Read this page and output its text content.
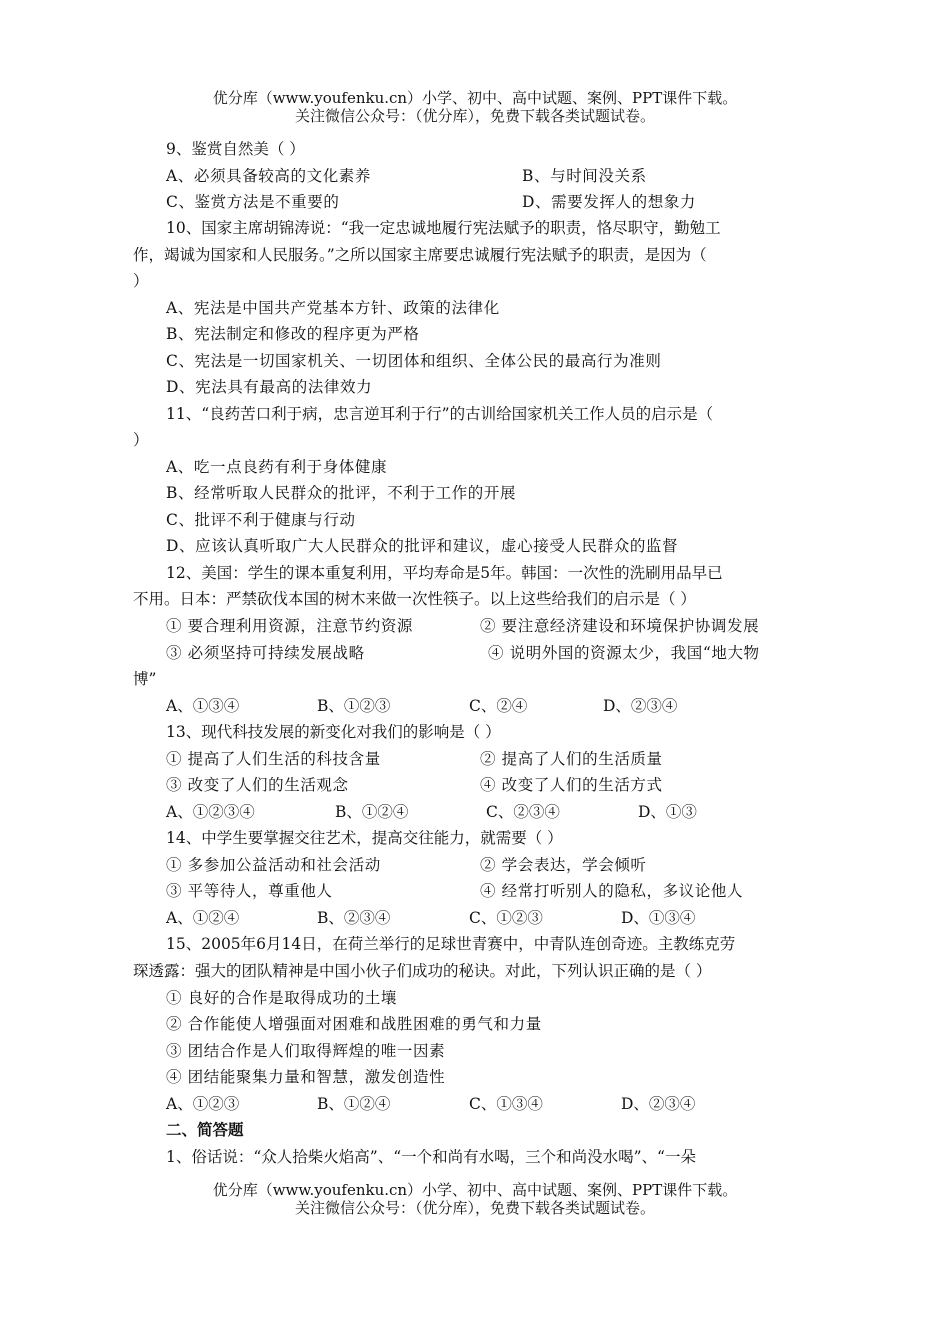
优分库（www.youfenku.cn）小学、初中、高中试题、案例、PPT课件下载。
关注微信公众号：（优分库），免费下载各类试题试卷。
9、鉴赏自然美（ ）
A、必须具备较高的文化素养	B、与时间没关系
C、鉴赏方法是不重要的	D、需要发挥人的想象力
10、国家主席胡锦涛说：“我一定忠诚地履行宪法赋予的职责，恪尽职守，勤勉工
作，竭诚为国家和人民服务。”之所以国家主席要忠诚履行宪法赋予的职责，是因为（
）
A、宪法是中国共产党基本方针、政策的法律化
B、宪法制定和修改的程序更为严格
C、宪法是一切国家机关、一切团体和组织、全体公民的最高行为准则
D、宪法具有最高的法律效力
11、“良药苦口利于病，忠言逆耳利于行”的古训给国家机关工作人员的启示是（
）
A、吃一点良药有利于身体健康
B、经常听取人民群众的批评，不利于工作的开展
C、批评不利于健康与行动
D、应该认真听取广大人民群众的批评和建议，虚心接受人民群众的监督
12、美国：学生的课本重复利用，平均寿命是5年。韩国：一次性的洗刷用品早已
不用。日本：严禁砍伐本国的树木来做一次性筷子。以上这些给我们的启示是（ ）
① 要合理利用资源，注意节约资源	② 要注意经济建设和环境保护协调发展
③ 必须坚持可持续发展战略	④ 说明外国的资源太少，我国“地大物
博”
A、①③④	B、①②③	C、②④	D、②③④
13、现代科技发展的新变化对我们的影响是（ ）
① 提高了人们生活的科技含量	② 提高了人们的生活质量
③ 改变了人们的生活观念	④ 改变了人们的生活方式
A、①②③④	B、①②④	C、②③④	D、①③
14、中学生要掌握交往艺术，提高交往能力，就需要（ ）
① 多参加公益活动和社会活动	② 学会表达，学会倾听
③ 平等待人，尊重他人	④ 经常打听别人的隐私，多议论他人
A、①②④	B、②③④	C、①②③	D、①③④
15、2005年6月14日，在荷兰举行的足球世青赛中，中青队连创奇迹。主教练克劳
琛透露：强大的团队精神是中国小伙子们成功的秘诀。对此，下列认识正确的是（ ）
① 良好的合作是取得成功的土壤
② 合作能使人增强面对困难和战胜困难的勇气和力量
③ 团结合作是人们取得辉煌的唯一因素
④ 团结能聚集力量和智慧，激发创造性
A、①②③	B、①②④	C、①③④	D、②③④
二、简答题
1、俗话说：“众人拾柴火焰高”、“一个和尚有水喝，三个和尚没水喝”、“一朵
优分库（www.youfenku.cn）小学、初中、高中试题、案例、PPT课件下载。
关注微信公众号：（优分库），免费下载各类试题试卷。
